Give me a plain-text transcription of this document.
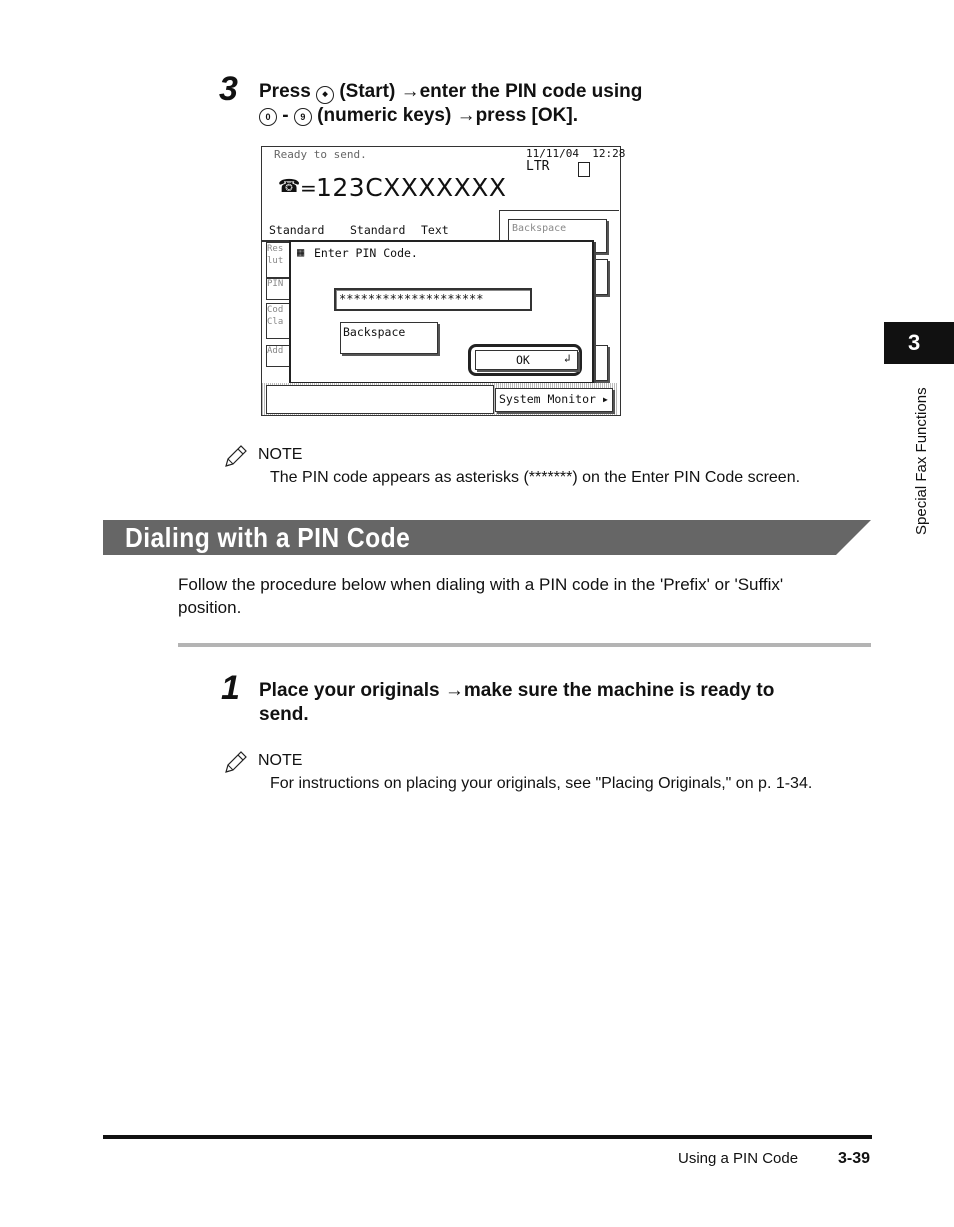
3 Press ◆ (Start) →enter the PIN code using
0 - 9 (numeric keys) →press [OK].
Ready to send.	11/11/04  12:28
LTR
☎ = 123CXXXXXXX
Standard Standard Text	Backspace
Res
lut
PIN
Cod
Cla
Add
▦ Enter PIN Code.
********************
Backspace
OK	↲
System Monitor ▶
NOTE
The PIN code appears as asterisks (*******) on the Enter PIN Code screen.
Dialing with a PIN Code
Follow the procedure below when dialing with a PIN code in the 'Prefix' or 'Suffix'
position.
1 Place your originals →make sure the machine is ready to
send.
NOTE
For instructions on placing your originals, see "Placing Originals," on p. 1-34.
3
Special Fax Functions
Using a PIN Code 3-39
